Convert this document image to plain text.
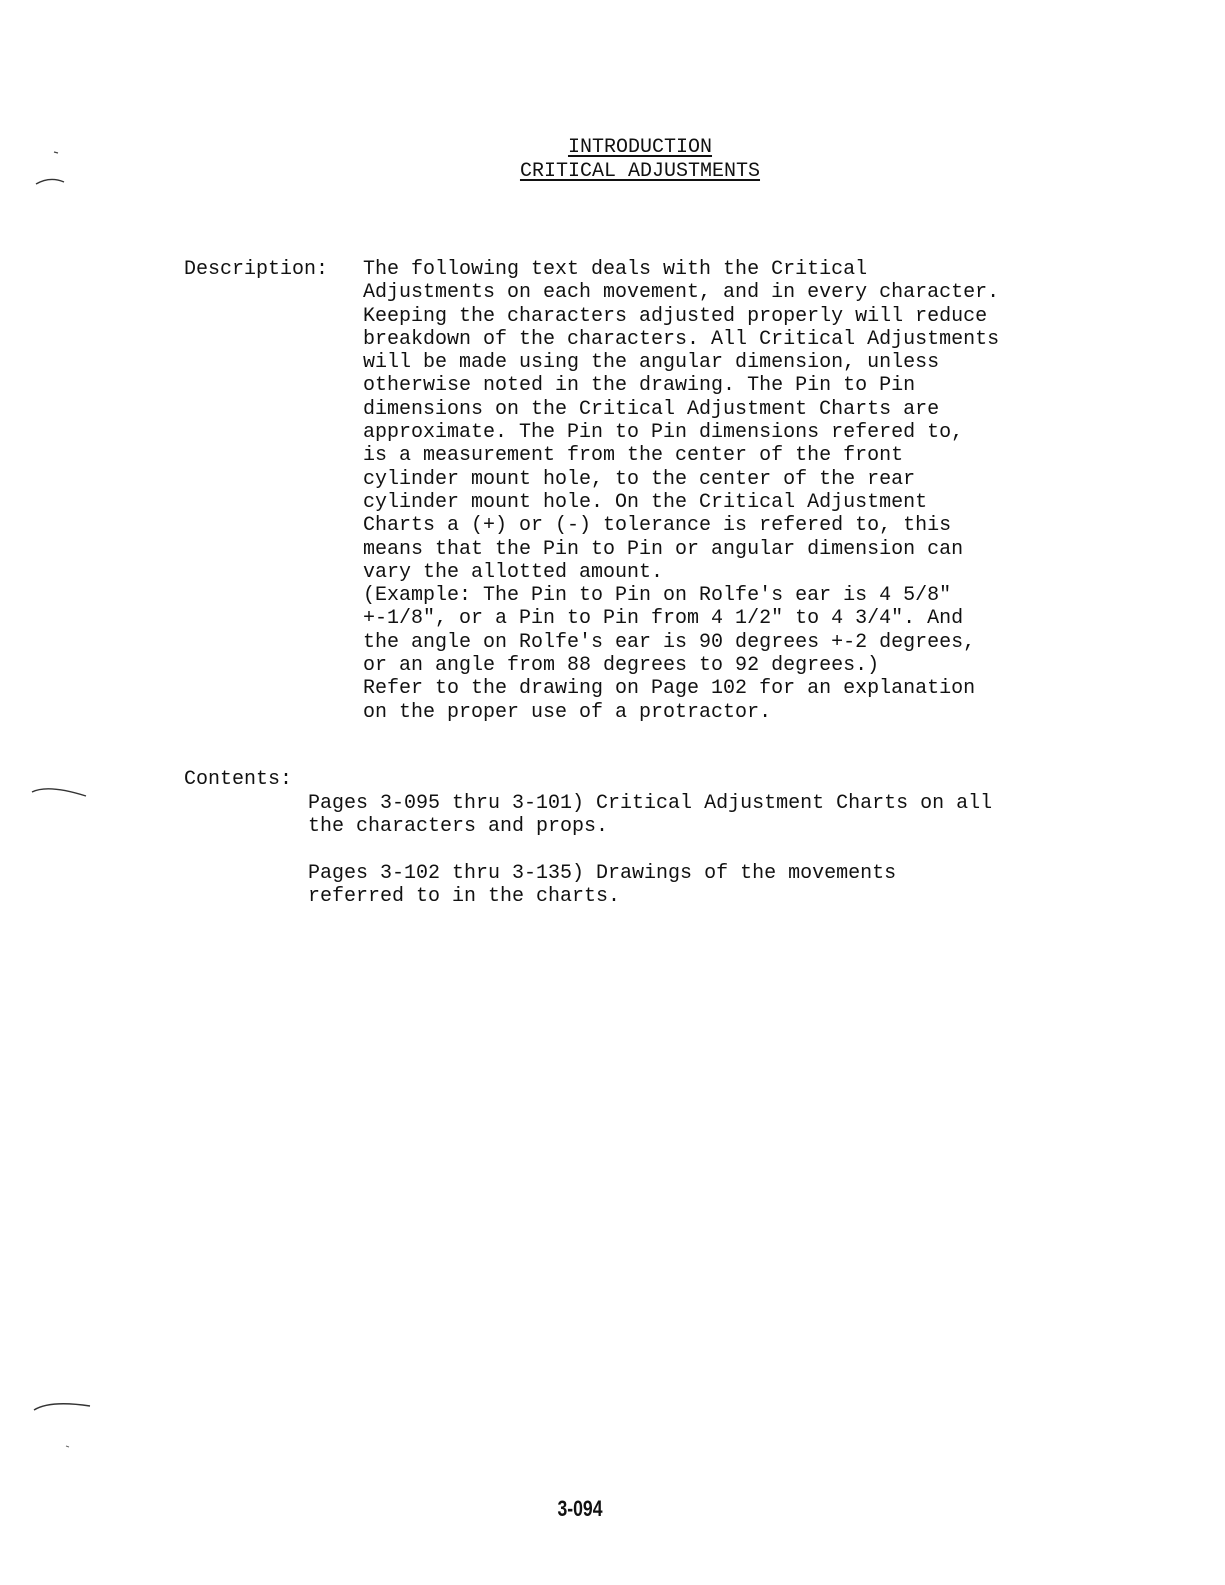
INTRODUCTION
CRITICAL ADJUSTMENTS
Description: The following text deals with the Critical
Adjustments on each movement, and in every character.
Keeping the characters adjusted properly will reduce
breakdown of the characters. All Critical Adjustments
will be made using the angular dimension, unless
otherwise noted in the drawing. The Pin to Pin
dimensions on the Critical Adjustment Charts are
approximate. The Pin to Pin dimensions refered to,
is a measurement from the center of the front
cylinder mount hole, to the center of the rear
cylinder mount hole. On the Critical Adjustment
Charts a (+) or (-) tolerance is refered to, this
means that the Pin to Pin or angular dimension can
vary the allotted amount.
(Example: The Pin to Pin on Rolfe's ear is 4 5/8"
+-1/8", or a Pin to Pin from 4 1/2" to 4 3/4". And
the angle on Rolfe's ear is 90 degrees +-2 degrees,
or an angle from 88 degrees to 92 degrees.)
Refer to the drawing on Page 102 for an explanation
on the proper use of a protractor.
Contents:
Pages 3-095 thru 3-101) Critical Adjustment Charts on all
the characters and props.
Pages 3-102 thru 3-135) Drawings of the movements
referred to in the charts.
3-094
